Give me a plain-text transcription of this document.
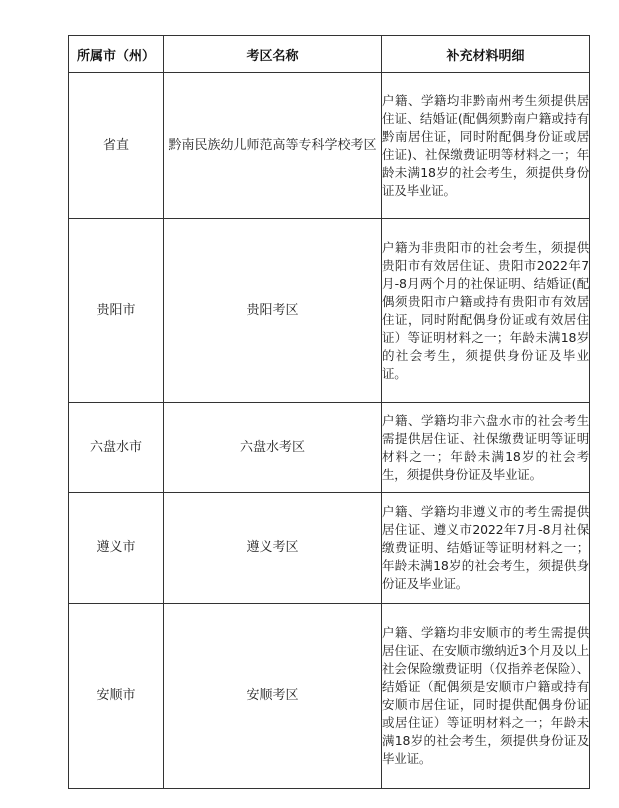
所属市（州）	考区名称	补充材料明细
省直	黔南民族幼儿师范高等专科学校考区	户籍、学籍均非黔南州考生须提供居住证、结婚证(配偶须黔南户籍或持有黔南居住证，同时附配偶身份证或居住证)、社保缴费证明等材料之一；年龄未满18岁的社会考生，须提供身份证及毕业证。
贵阳市	贵阳考区	户籍为非贵阳市的社会考生，须提供贵阳市有效居住证、贵阳市2022年7月-8月两个月的社保证明、结婚证(配偶须贵阳市户籍或持有贵阳市有效居住证，同时附配偶身份证或有效居住证）等证明材料之一；年龄未满18岁的社会考生，须提供身份证及毕业证。
六盘水市	六盘水考区	户籍、学籍均非六盘水市的社会考生需提供居住证、社保缴费证明等证明材料之一；年龄未满18岁的社会考生，须提供身份证及毕业证。
遵义市	遵义考区	户籍、学籍均非遵义市的考生需提供居住证、遵义市2022年7月-8月社保缴费证明、结婚证等证明材料之一；年龄未满18岁的社会考生，须提供身份证及毕业证。
安顺市	安顺考区	户籍、学籍均非安顺市的考生需提供居住证、在安顺市缴纳近3个月及以上社会保险缴费证明（仅指养老保险）、结婚证（配偶须是安顺市户籍或持有安顺市居住证，同时提供配偶身份证或居住证）等证明材料之一；年龄未满18岁的社会考生，须提供身份证及毕业证。
